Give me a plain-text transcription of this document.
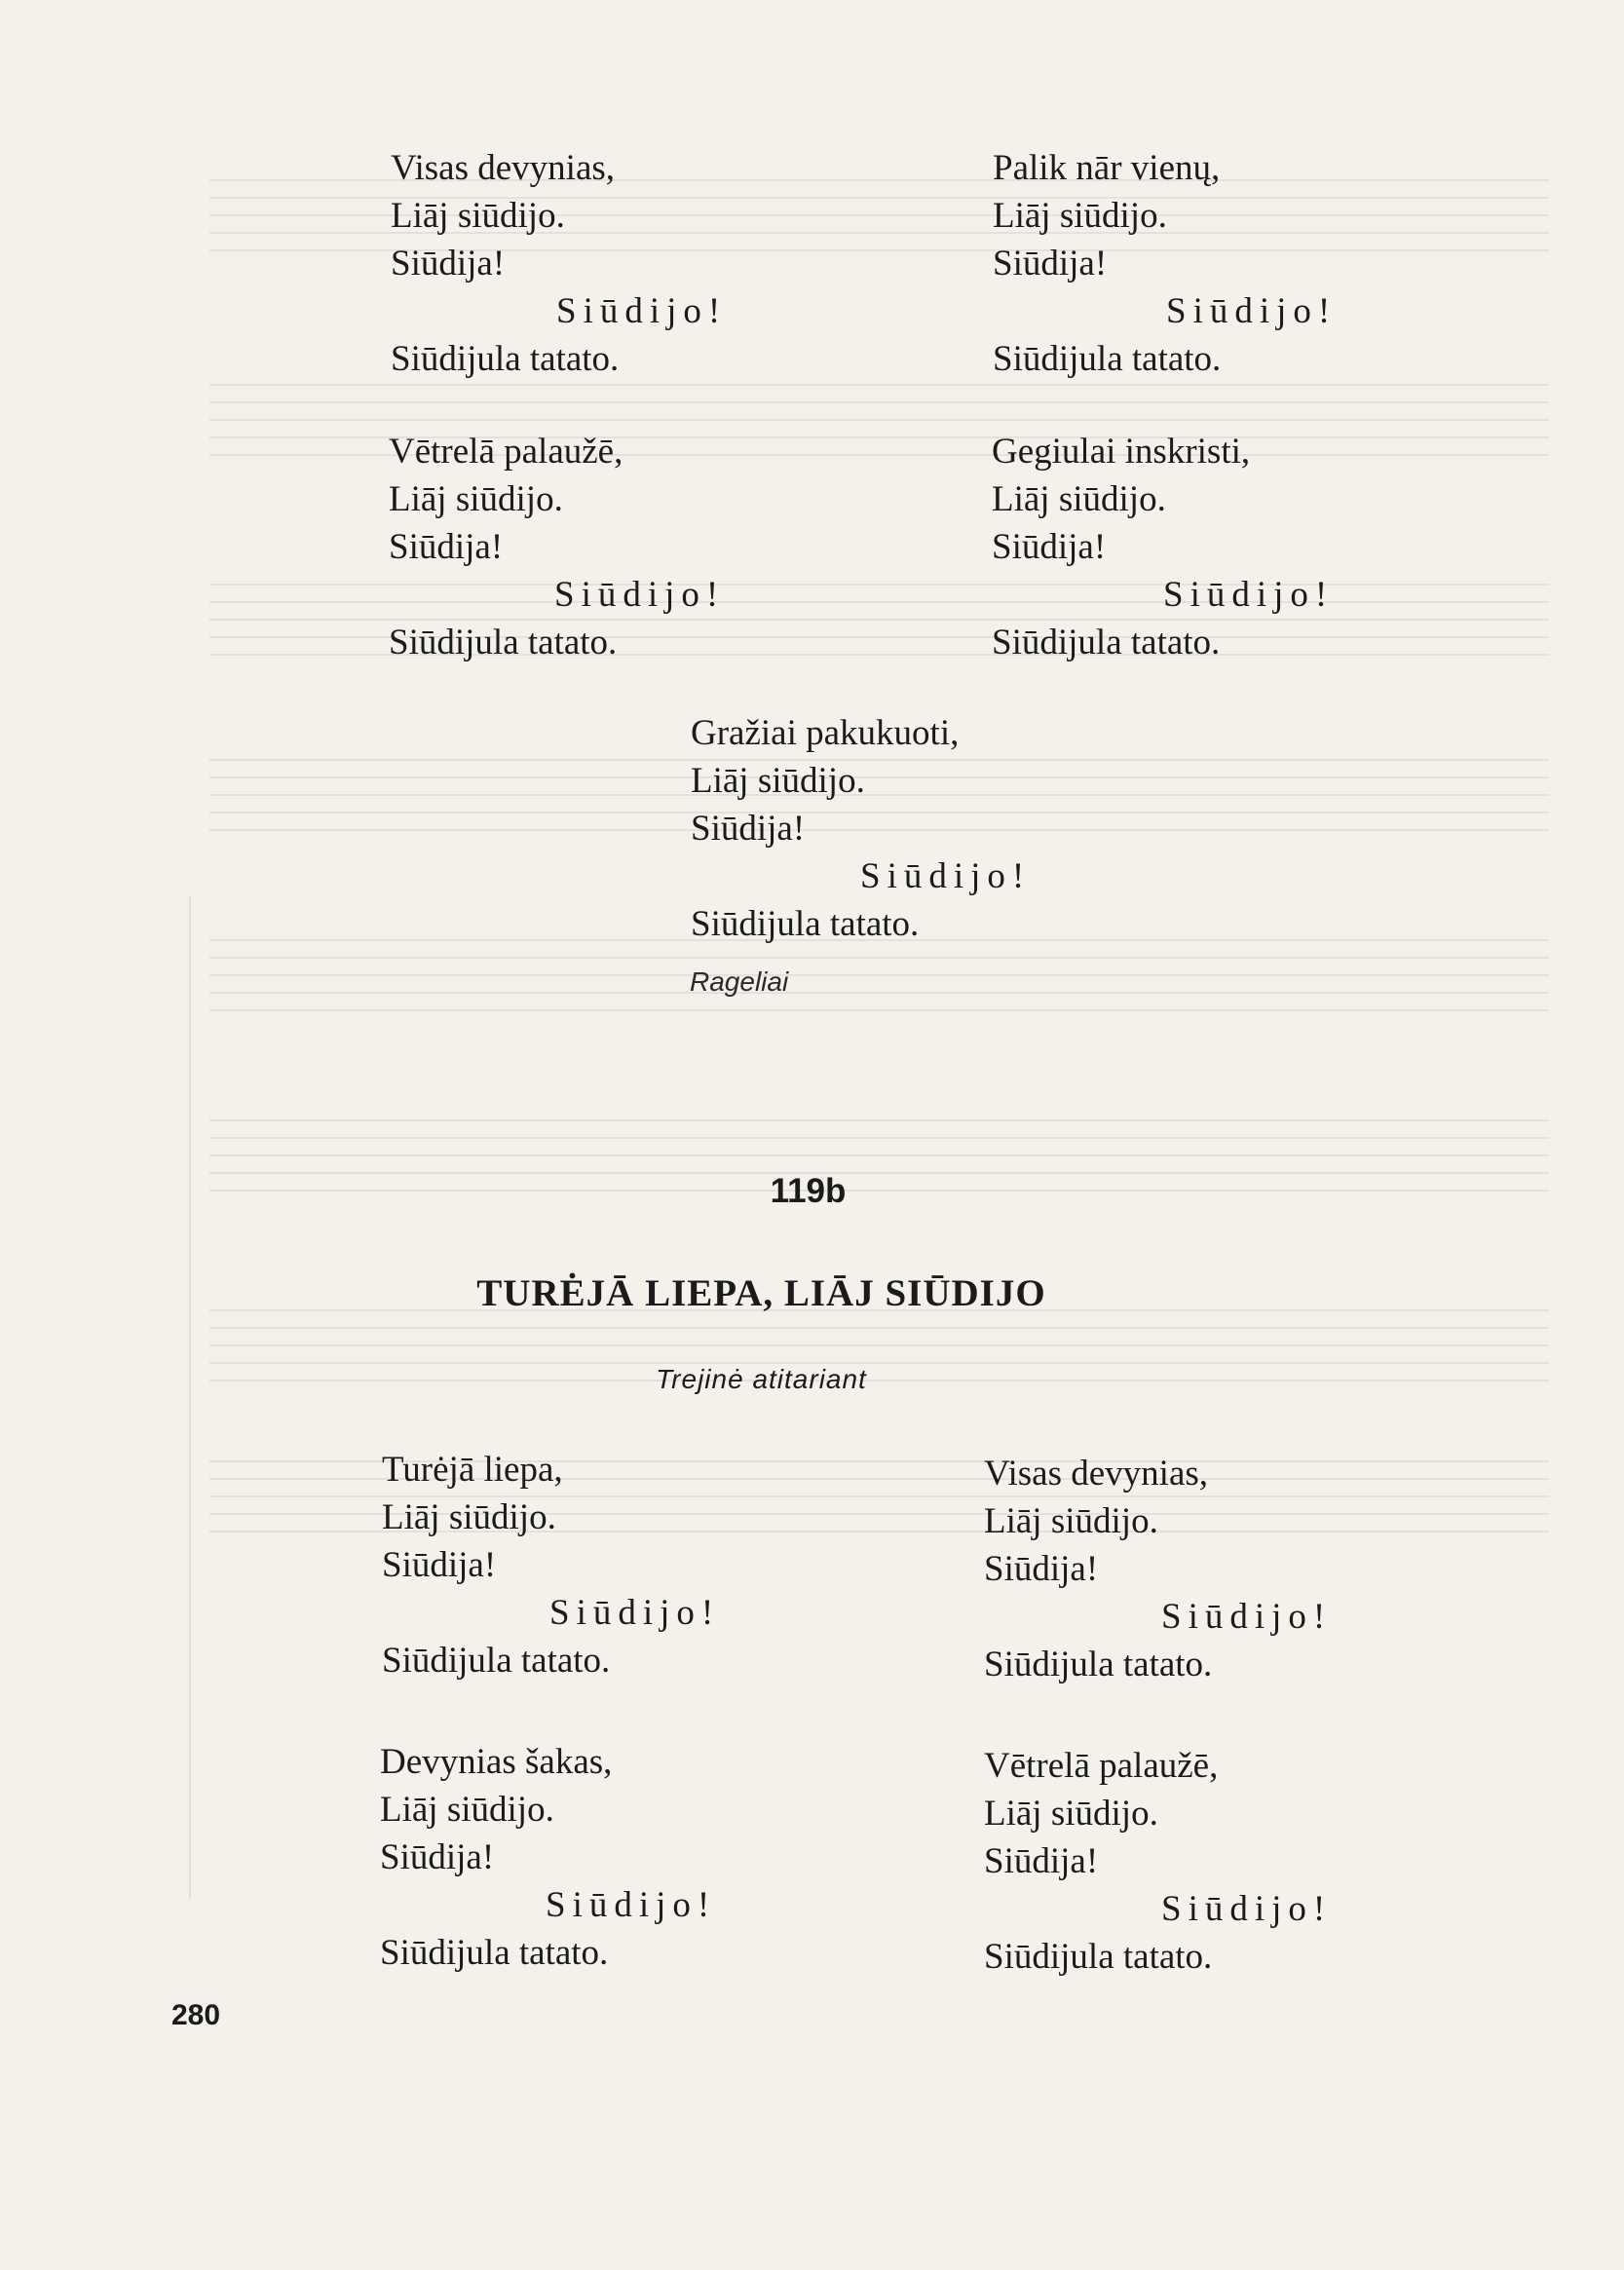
Visas devynias,
Liāj siūdijo.
Siūdija!
Siūdijo!
Siūdijula tatato.
Palik nār vienų,
Liāj siūdijo.
Siūdija!
Siūdijo!
Siūdijula tatato.
Vētrelā palaužē,
Liāj siūdijo.
Siūdija!
Siūdijo!
Siūdijula tatato.
Gegiulai inskristi,
Liāj siūdijo.
Siūdija!
Siūdijo!
Siūdijula tatato.
Gražiai pakukuoti,
Liāj siūdijo.
Siūdija!
Siūdijo!
Siūdijula tatato.
Rageliai
119b
TURĖJĀ LIEPA, LIĀJ SIŪDIJO
Trejinė atitariant
Turėjā liepa,
Liāj siūdijo.
Siūdija!
Siūdijo!
Siūdijula tatato.
Visas devynias,
Liāj siūdijo.
Siūdija!
Siūdijo!
Siūdijula tatato.
Devynias šakas,
Liāj siūdijo.
Siūdija!
Siūdijo!
Siūdijula tatato.
Vētrelā palaužē,
Liāj siūdijo.
Siūdija!
Siūdijo!
Siūdijula tatato.
280
